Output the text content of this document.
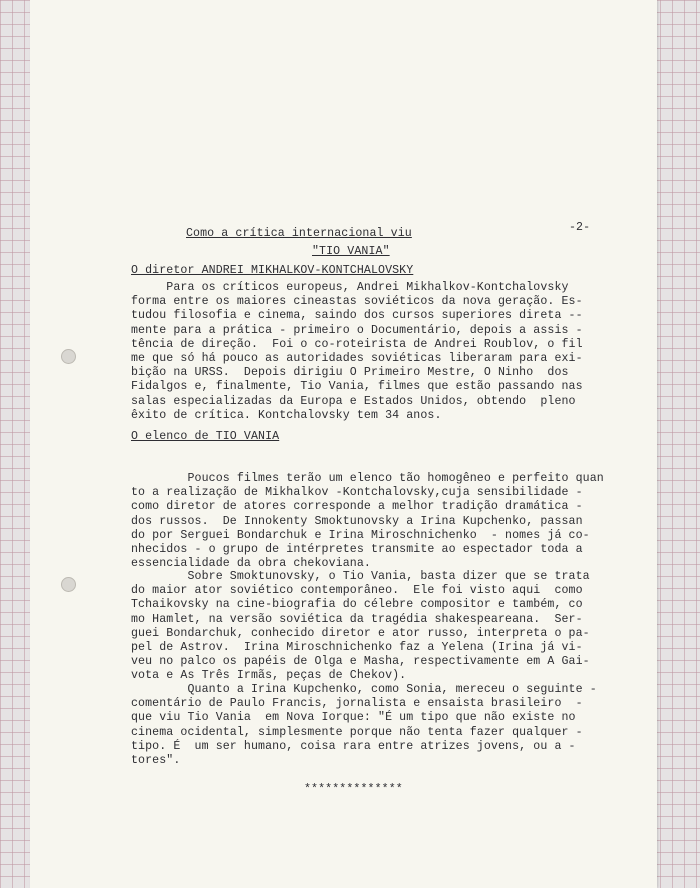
Como a crítica internacional viu	-2-
"TIO VANIA"
O diretor ANDREI MIKHALKOV-KONTCHALOVSKY
Para os críticos europeus, Andrei Mikhalkov-Kontchalovsky
forma entre os maiores cineastas soviéticos da nova geração. Es-
tudou filosofia e cinema, saindo dos cursos superiores direta --
mente para a prática - primeiro o Documentário, depois a assis -
tência de direção.  Foi o co-roteirista de Andrei Roublov, o fil
me que só há pouco as autoridades soviéticas liberaram para exi-
bição na URSS.  Depois dirigiu O Primeiro Mestre, O Ninho  dos
Fidalgos e, finalmente, Tio Vania, filmes que estão passando nas
salas especializadas da Europa e Estados Unidos, obtendo  pleno
êxito de crítica. Kontchalovsky tem 34 anos.
O elenco de TIO VANIA
Poucos filmes terão um elenco tão homogêneo e perfeito quan
to a realização de Mikhalkov -Kontchalovsky,cuja sensibilidade -
como diretor de atores corresponde a melhor tradição dramática -
dos russos.  De Innokenty Smoktunovsky a Irina Kupchenko, passan
do por Serguei Bondarchuk e Irina Miroschnichenko  - nomes já co-
nhecidos - o grupo de intérpretes transmite ao espectador toda a
essencialidade da obra chekoviana.
Sobre Smoktunovsky, o Tio Vania, basta dizer que se trata
do maior ator soviético contemporâneo.  Ele foi visto aqui  como
Tchaikovsky na cine-biografia do célebre compositor e também, co
mo Hamlet, na versão soviética da tragédia shakespeareana.  Ser-
guei Bondarchuk, conhecido diretor e ator russo, interpreta o pa-
pel de Astrov.  Irina Miroschnichenko faz a Yelena (Irina já vi-
veu no palco os papéis de Olga e Masha, respectivamente em A Gai-
vota e As Três Irmãs, peças de Chekov).
Quanto a Irina Kupchenko, como Sonia, mereceu o seguinte -
comentário de Paulo Francis, jornalista e ensaista brasileiro  -
que viu Tio Vania  em Nova Iorque: "É um tipo que não existe no
cinema ocidental, simplesmente porque não tenta fazer qualquer -
tipo. É  um ser humano, coisa rara entre atrizes jovens, ou a -
tores".
**************
